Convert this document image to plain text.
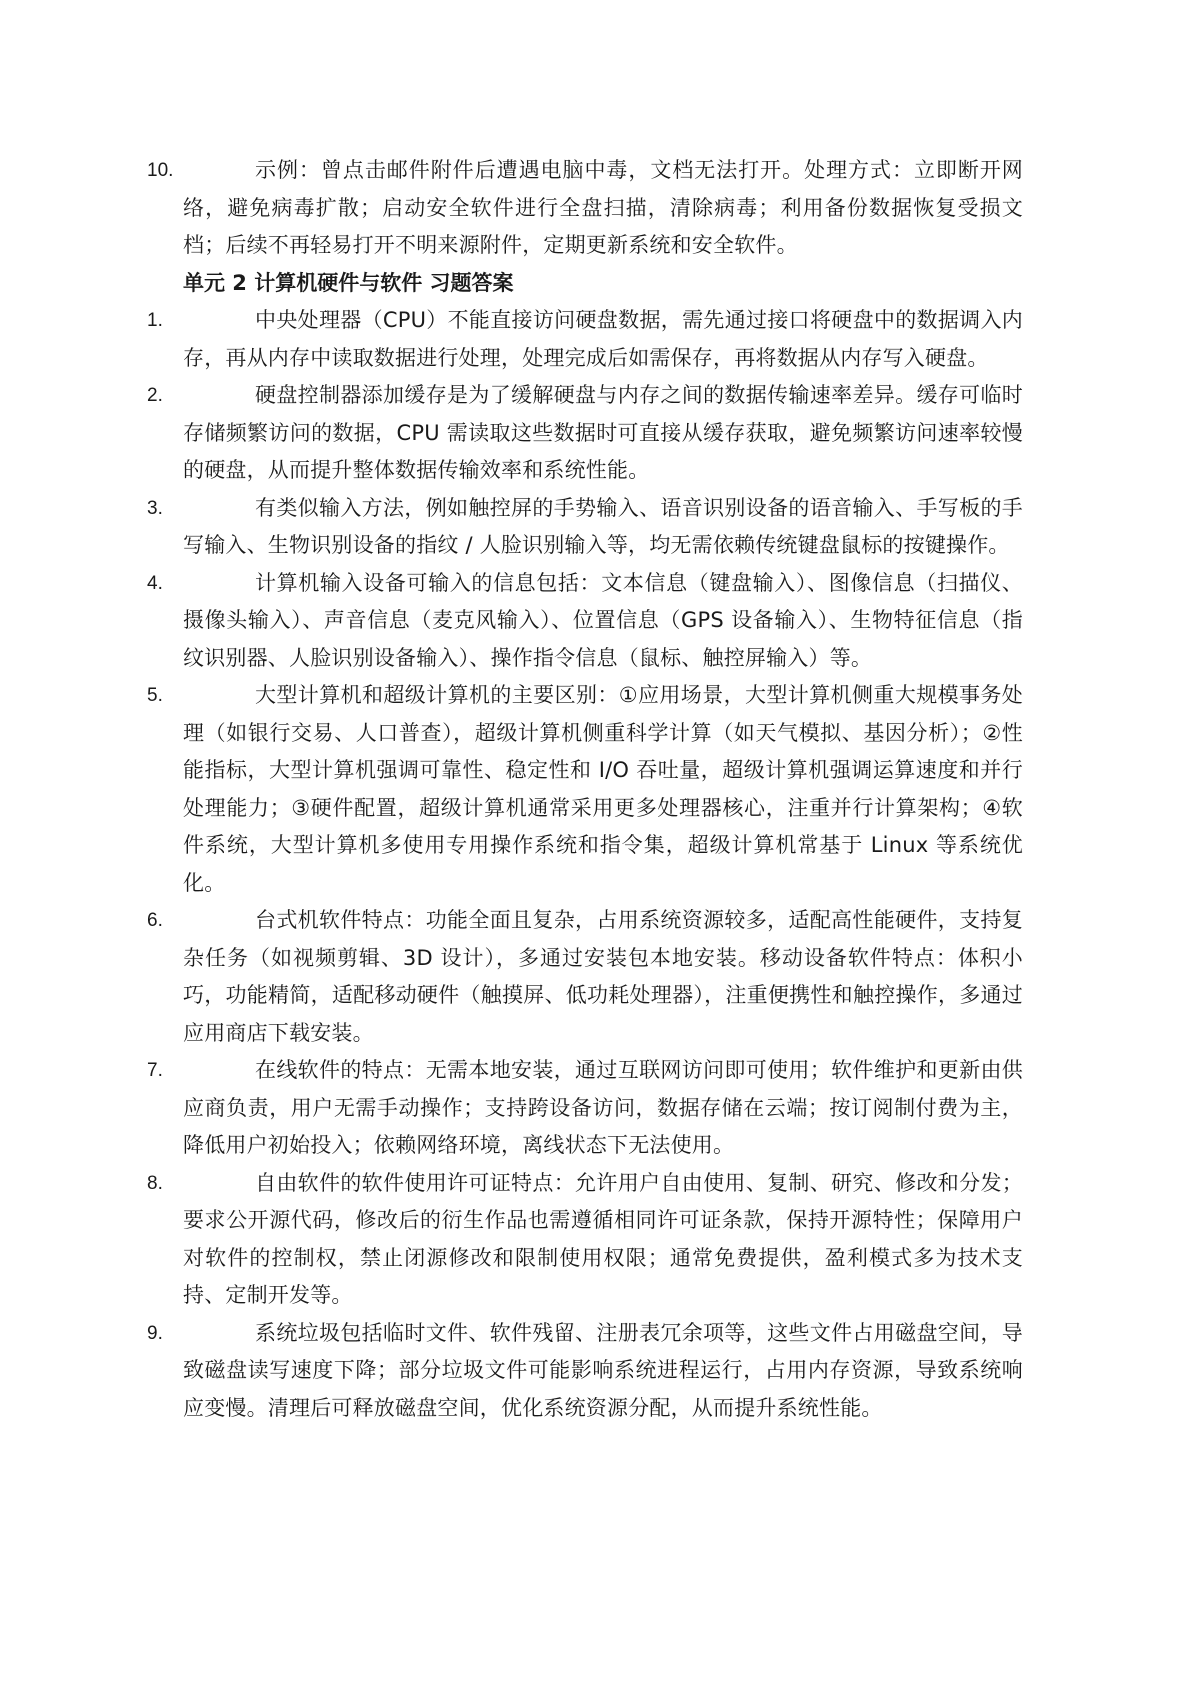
10.	示例：曾点击邮件附件后遭遇电脑中毒，文档无法打开。处理方式：立即断开网络，避免病毒扩散；启动安全软件进行全盘扫描，清除病毒；利用备份数据恢复受损文档；后续不再轻易打开不明来源附件，定期更新系统和安全软件。

单元 2 计算机硬件与软件 习题答案

1.	中央处理器（CPU）不能直接访问硬盘数据，需先通过接口将硬盘中的数据调入内存，再从内存中读取数据进行处理，处理完成后如需保存，再将数据从内存写入硬盘。

2.	硬盘控制器添加缓存是为了缓解硬盘与内存之间的数据传输速率差异。缓存可临时存储频繁访问的数据，CPU 需读取这些数据时可直接从缓存获取，避免频繁访问速率较慢的硬盘，从而提升整体数据传输效率和系统性能。

3.	有类似输入方法，例如触控屏的手势输入、语音识别设备的语音输入、手写板的手写输入、生物识别设备的指纹 / 人脸识别输入等，均无需依赖传统键盘鼠标的按键操作。

4.	计算机输入设备可输入的信息包括：文本信息（键盘输入）、图像信息（扫描仪、摄像头输入）、声音信息（麦克风输入）、位置信息（GPS 设备输入）、生物特征信息（指纹识别器、人脸识别设备输入）、操作指令信息（鼠标、触控屏输入）等。

5.	大型计算机和超级计算机的主要区别：①应用场景，大型计算机侧重大规模事务处理（如银行交易、人口普查），超级计算机侧重科学计算（如天气模拟、基因分析）；②性能指标，大型计算机强调可靠性、稳定性和 I/O 吞吐量，超级计算机强调运算速度和并行处理能力；③硬件配置，超级计算机通常采用更多处理器核心，注重并行计算架构；④软件系统，大型计算机多使用专用操作系统和指令集，超级计算机常基于 Linux 等系统优化。

6.	台式机软件特点：功能全面且复杂，占用系统资源较多，适配高性能硬件，支持复杂任务（如视频剪辑、3D 设计），多通过安装包本地安装。移动设备软件特点：体积小巧，功能精简，适配移动硬件（触摸屏、低功耗处理器），注重便携性和触控操作，多通过应用商店下载安装。

7.	在线软件的特点：无需本地安装，通过互联网访问即可使用；软件维护和更新由供应商负责，用户无需手动操作；支持跨设备访问，数据存储在云端；按订阅制付费为主，降低用户初始投入；依赖网络环境，离线状态下无法使用。

8.	自由软件的软件使用许可证特点：允许用户自由使用、复制、研究、修改和分发；要求公开源代码，修改后的衍生作品也需遵循相同许可证条款，保持开源特性；保障用户对软件的控制权，禁止闭源修改和限制使用权限；通常免费提供，盈利模式多为技术支持、定制开发等。

9.	系统垃圾包括临时文件、软件残留、注册表冗余项等，这些文件占用磁盘空间，导致磁盘读写速度下降；部分垃圾文件可能影响系统进程运行，占用内存资源，导致系统响应变慢。清理后可释放磁盘空间，优化系统资源分配，从而提升系统性能。
